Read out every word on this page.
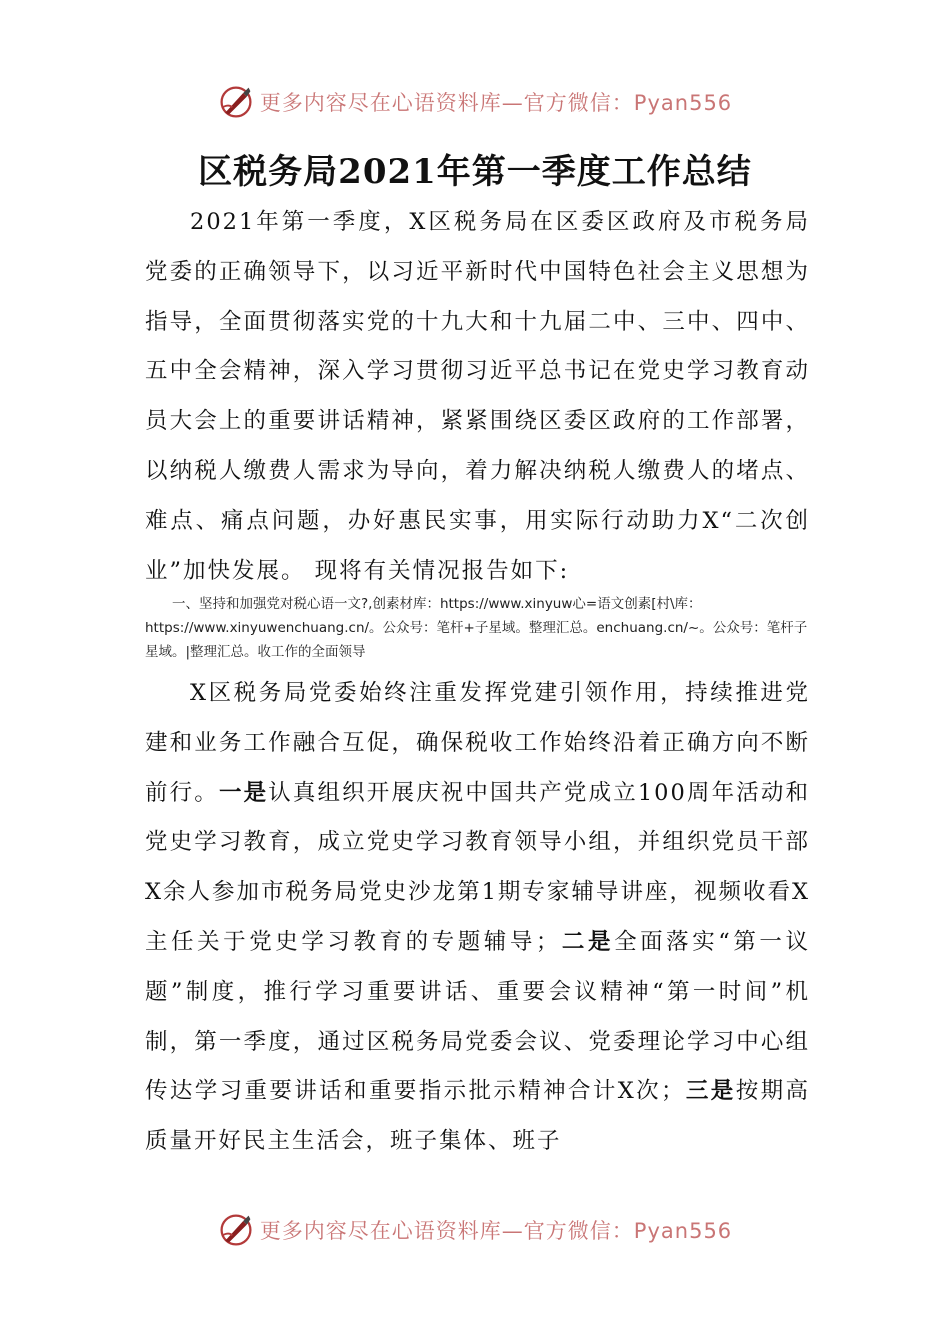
更多内容尽在心语资料库—官方微信：Pyan556
区税务局2021年第一季度工作总结

2021年第一季度，X区税务局在区委区政府及市税务局党委的正确领导下，以习近平新时代中国特色社会主义思想为指导，全面贯彻落实党的十九大和十九届二中、三中、四中、五中全会精神，深入学习贯彻习近平总书记在党史学习教育动员大会上的重要讲话精神，紧紧围绕区委区政府的工作部署，以纳税人缴费人需求为导向，着力解决纳税人缴费人的堵点、难点、痛点问题，办好惠民实事，用实际行动助力X“二次创业”加快发展。 现将有关情况报告如下:

一、坚持和加强党对税心语一文?,创素材库：https://www.xinyuw心=语文创素[村\库：https://www.xinyuwenchuang.cn/。公众号：笔杆+子星域。整理汇总。enchuang.cn/~。公众号：笔杆子星域。|整理汇总。收工作的全面领导

X区税务局党委始终注重发挥党建引领作用，持续推进党建和业务工作融合互促，确保税收工作始终沿着正确方向不断前行。一是认真组织开展庆祝中国共产党成立100周年活动和党史学习教育，成立党史学习教育领导小组，并组织党员干部X余人参加市税务局党史沙龙第1期专家辅导讲座，视频收看X主任关于党史学习教育的专题辅导；二是全面落实“第一议题”制度，推行学习重要讲话、重要会议精神“第一时间”机制，第一季度，通过区税务局党委会议、党委理论学习中心组传达学习重要讲话和重要指示批示精神合计X次；三是按期高质量开好民主生活会，班子集体、班子

更多内容尽在心语资料库—官方微信：Pyan556
